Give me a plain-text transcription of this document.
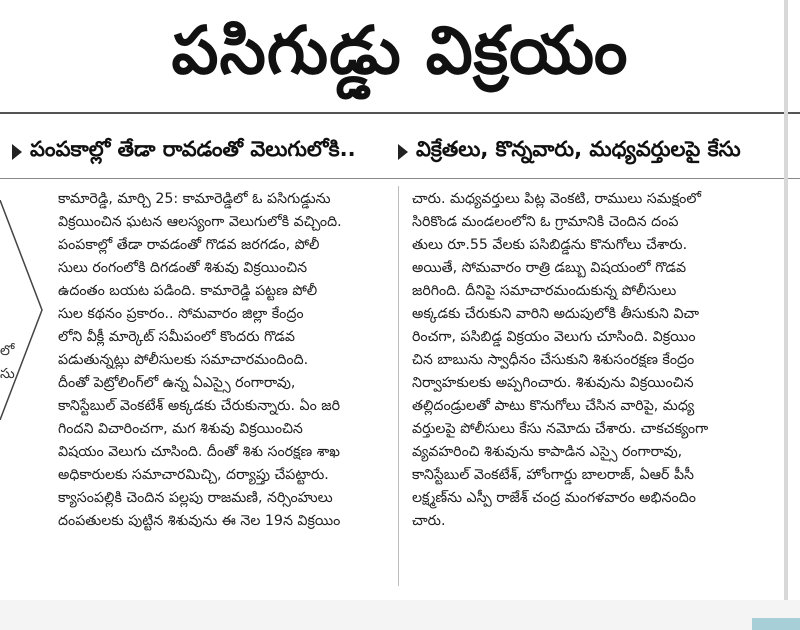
పసిగుడ్డు విక్రయం
పంపకాల్లో తేడా రావడంతో వెలుగులోకి..	విక్రేతలు, కొన్నవారు, మధ్యవర్తులపై కేసు
లో
సు
కామారెడ్డి, మార్చి 25: కామారెడ్డిలో ఓ పసిగుడ్డును
విక్రయించిన ఘటన ఆలస్యంగా వెలుగులోకి వచ్చింది.
పంపకాల్లో తేడా రావడంతో గొడవ జరగడం, పోలీ
సులు రంగంలోకి దిగడంతో శిశువు విక్రయించిన
ఉదంతం బయట పడింది. కామారెడ్డి పట్టణ పోలీ
సుల కథనం ప్రకారం.. సోమవారం జిల్లా కేంద్రం
లోని వీక్లీ మార్కెట్ సమీపంలో కొందరు గొడవ
పడుతున్నట్లు పోలీసులకు సమాచారమందింది.
దీంతో పెట్రోలింగ్‌లో ఉన్న ఏఎస్సై రంగారావు,
కానిస్టేబుల్ వెంకటేశ్ అక్కడకు చేరుకున్నారు. ఏం జరి
గిందని విచారించగా, మగ శిశువు విక్రయించిన
విషయం వెలుగు చూసింది. దీంతో శిశు సంరక్షణ శాఖ
అధికారులకు సమాచారమిచ్చి, దర్యాప్తు చేపట్టారు.
క్యాసంపల్లికి చెందిన పల్లపు రాజమణి, నర్సింహులు
దంపతులకు పుట్టిన శిశువును ఈ నెల 19న విక్రయిం
చారు. మధ్యవర్తులు పిట్ల వెంకటి, రాములు సమక్షంలో
సిరికొండ మండలంలోని ఓ గ్రామానికి చెందిన దంప
తులు రూ.55 వేలకు పసిబిడ్డను కొనుగోలు చేశారు.
అయితే, సోమవారం రాత్రి డబ్బు విషయంలో గొడవ
జరిగింది. దీనిపై సమాచారమందుకున్న పోలీసులు
అక్కడకు చేరుకుని వారిని అదుపులోకి తీసుకుని విచా
రించగా, పసిబిడ్డ విక్రయం వెలుగు చూసింది. విక్రయిం
చిన బాబును స్వాధీనం చేసుకుని శిశుసంరక్షణ కేంద్రం
నిర్వాహకులకు అప్పగించారు. శిశువును విక్రయించిన
తల్లిదండ్రులతో పాటు కొనుగోలు చేసిన వారిపై, మధ్య
వర్తులపై పోలీసులు కేసు నమోదు చేశారు. చాకచక్యంగా
వ్యవహరించి శిశువును కాపాడిన ఎస్సై రంగారావు,
కానిస్టేబుల్ వెంకటేశ్, హోంగార్డు బాలరాజ్, ఏఆర్ పీసీ
లక్ష్మణ్‌ను ఎస్పీ రాజేశ్ చంద్ర మంగళవారం అభినందిం
చారు.
